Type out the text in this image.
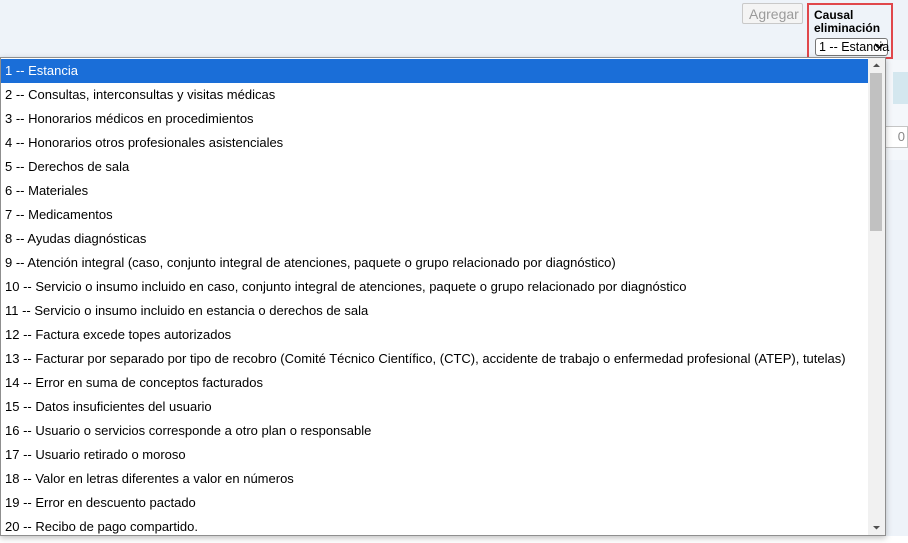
0
Agregar	Causal eliminación
1 -- Estancia
1 -- Estancia
2 -- Consultas, interconsultas y visitas médicas
3 -- Honorarios médicos en procedimientos
4 -- Honorarios otros profesionales asistenciales
5 -- Derechos de sala
6 -- Materiales
7 -- Medicamentos
8 -- Ayudas diagnósticas
9 -- Atención integral (caso, conjunto integral de atenciones, paquete o grupo relacionado por diagnóstico)
10 -- Servicio o insumo incluido en caso, conjunto integral de atenciones, paquete o grupo relacionado por diagnóstico
11 -- Servicio o insumo incluido en estancia o derechos de sala
12 -- Factura excede topes autorizados
13 -- Facturar por separado por tipo de recobro (Comité Técnico Científico, (CTC), accidente de trabajo o enfermedad profesional (ATEP), tutelas)
14 -- Error en suma de conceptos facturados
15 -- Datos insuficientes del usuario
16 -- Usuario o servicios corresponde a otro plan o responsable
17 -- Usuario retirado o moroso
18 -- Valor en letras diferentes a valor en números
19 -- Error en descuento pactado
20 -- Recibo de pago compartido.
